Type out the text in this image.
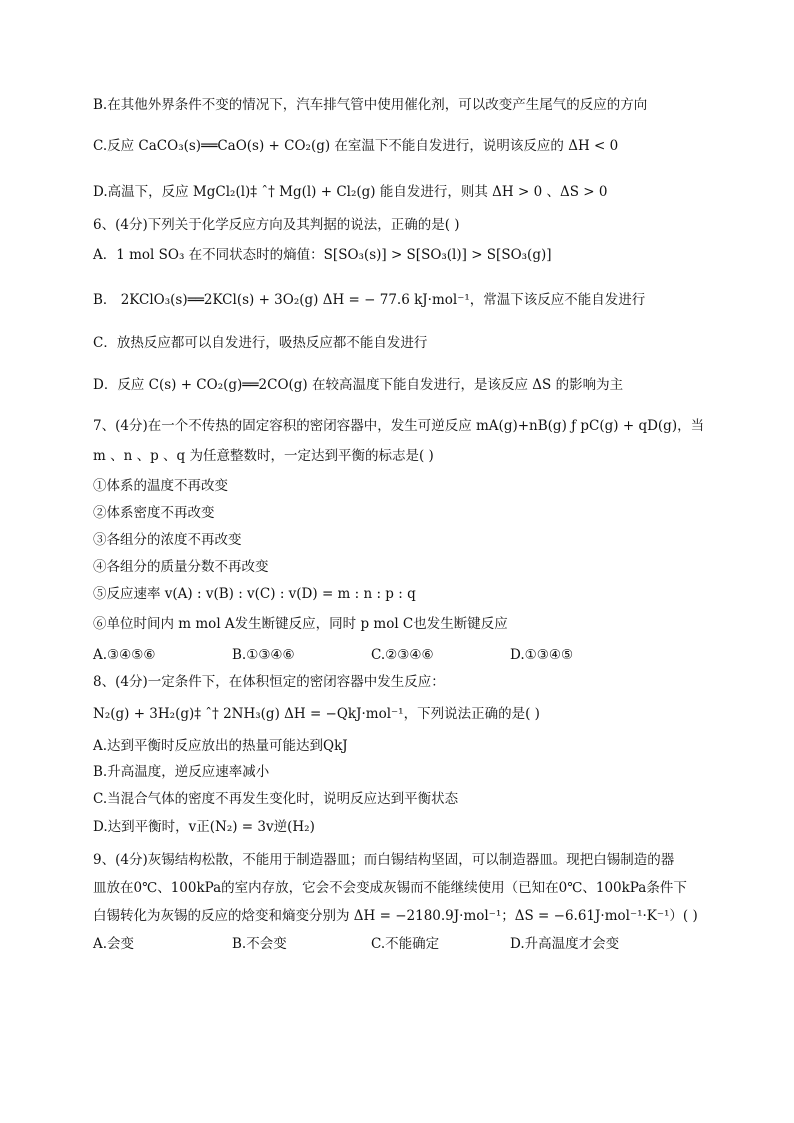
B.在其他外界条件不变的情况下，汽车排气管中使用催化剂，可以改变产生尾气的反应的方向
C.反应 CaCO₃(s)══CaO(s) + CO₂(g) 在室温下不能自发进行，说明该反应的 ΔH < 0
D.高温下，反应 MgCl₂(l)‡ ˆ† Mg(l) + Cl₂(g) 能自发进行，则其 ΔH > 0 、ΔS > 0
6、(4分)下列关于化学反应方向及其判据的说法，正确的是( )
A．1 mol SO₃ 在不同状态时的熵值：S[SO₃(s)] > S[SO₃(l)] > S[SO₃(g)]
B． 2KClO₃(s)══2KCl(s) + 3O₂(g) ΔH = − 77.6 kJ·mol⁻¹，常温下该反应不能自发进行
C．放热反应都可以自发进行，吸热反应都不能自发进行
D．反应 C(s) + CO₂(g)══2CO(g) 在较高温度下能自发进行，是该反应 ΔS 的影响为主
7、(4分)在一个不传热的固定容积的密闭容器中，发生可逆反应 mA(g)+nB(g) ƒ pC(g) + qD(g)，当
m 、n 、p 、q 为任意整数时，一定达到平衡的标志是( )
①体系的温度不再改变
②体系密度不再改变
③各组分的浓度不再改变
④各组分的质量分数不再改变
⑤反应速率 v(A) : v(B) : v(C) : v(D) = m : n : p : q
⑥单位时间内 m mol A发生断键反应，同时 p mol C也发生断键反应
A.③④⑤⑥	B.①③④⑥	C.②③④⑥	D.①③④⑤
8、(4分)一定条件下，在体积恒定的密闭容器中发生反应：
N₂(g) + 3H₂(g)‡ ˆ† 2NH₃(g) ΔH = −QkJ·mol⁻¹，下列说法正确的是( )
A.达到平衡时反应放出的热量可能达到QkJ
B.升高温度，逆反应速率减小
C.当混合气体的密度不再发生变化时，说明反应达到平衡状态
D.达到平衡时，v正(N₂) = 3v逆(H₂)
9、(4分)灰锡结构松散，不能用于制造器皿；而白锡结构坚固，可以制造器皿。现把白锡制造的器
皿放在0℃、100kPa的室内存放，它会不会变成灰锡而不能继续使用（已知在0℃、100kPa条件下
白锡转化为灰锡的反应的焓变和熵变分别为 ΔH = −2180.9J·mol⁻¹；ΔS = −6.61J·mol⁻¹·K⁻¹）( )
A.会变	B.不会变	C.不能确定	D.升高温度才会变
